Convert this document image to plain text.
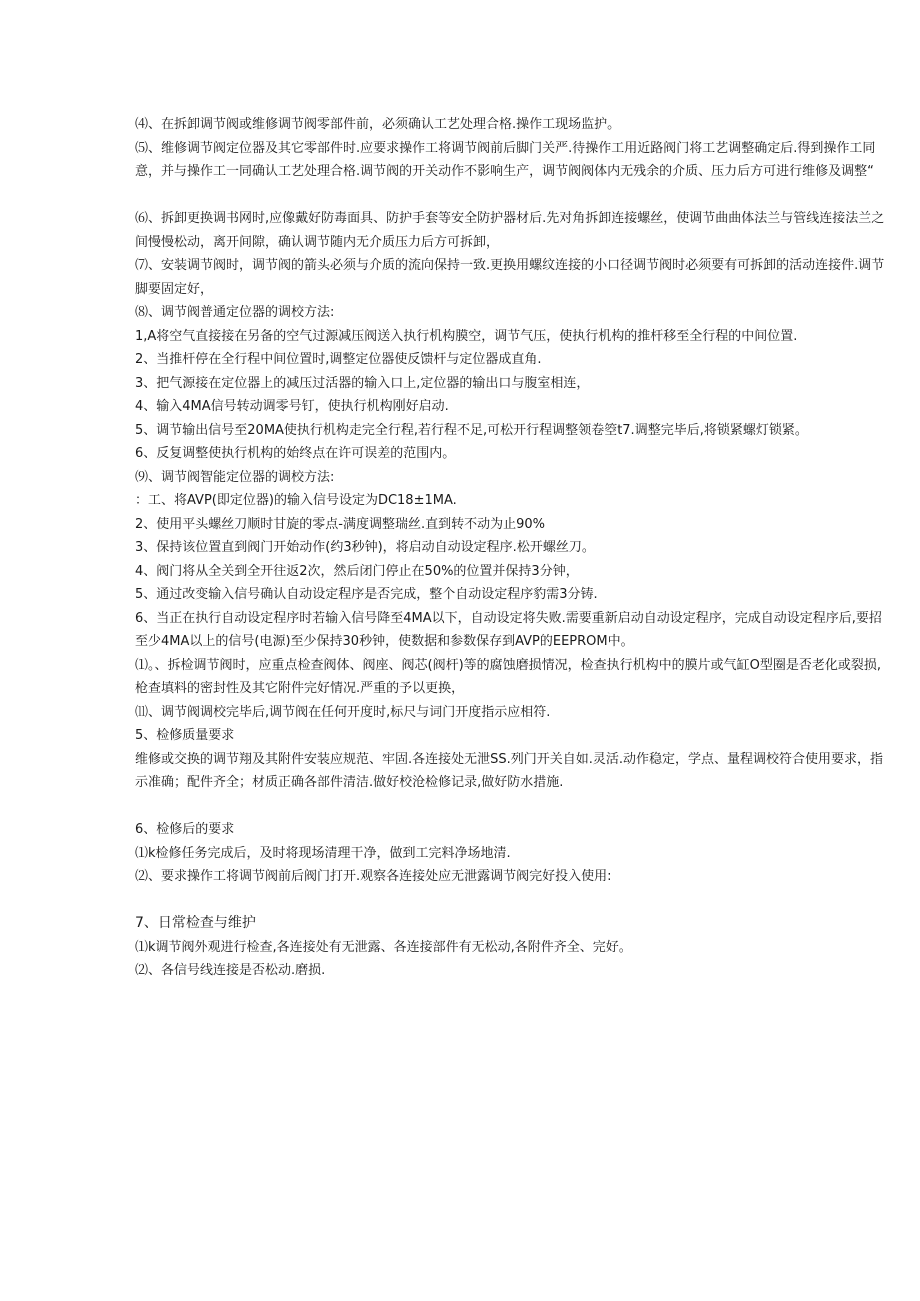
⑷、在拆卸调节阀或维修调节阀零部件前，必须确认工艺处理合格.操作工现场监护。

⑸、维修调节阀定位器及其它零部件时.应要求操作工将调节阀前后脚门关严.待操作工用近路阀门将工艺调整确定后.得到操作工同意，并与操作工一同确认工艺处理合格.调节阀的开关动作不影响生产，调节阀阀体内无残余的介质、压力后方可进行维修及调整“

⑹、拆卸更换调书网时,应像戴好防毒面具、防护手套等安全防护器材后.先对角拆卸连接螺丝，使调节曲曲体法兰与管线连接法兰之间慢慢松动，离开间隙，确认调节随内无介质压力后方可拆卸，

⑺、安装调节阀时，调节阀的箭头必须与介质的流向保持一致.更换用螺纹连接的小口径调节阀时必须要有可拆卸的活动连接件.调节脚要固定好，

⑻、调节阀普通定位器的调校方法:

1,A将空气直接接在另备的空气过源减压阀送入执行机构膜空，调节气压，使执行机构的推杆移至全行程的中间位置.

2、当推杆停在全行程中间位置时,调整定位器使反馈杆与定位器成直角.

3、把气源接在定位器上的减压过活器的输入口上,定位器的输出口与腹室相连，

4、输入4MA信号转动调零号钉，使执行机构刚好启动.

5、调节输出信号至20MA使执行机构走完全行程,若行程不足,可松开行程调整领卷箜t7.调整完毕后,将锁紧螺灯锁紧。

6、反复调整使执行机构的始终点在许可误差的范围内。

⑼、调节阀智能定位器的调校方法:

：工、将AVP(即定位器)的输入信号设定为DC18±1MA.

2、使用平头螺丝刀顺时甘旋的零点-满度调整瑞丝.直到转不动为止90%

3、保持该位置直到阀门开始动作(约3秒钟)，将启动自动设定程序.松开螺丝刀。

4、阀门将从全关到全开往返2次，然后闭门停止在50%的位置并保持3分钟，

5、通过改变输入信号确认自动设定程序是否完成，整个自动设定程序豹需3分铸.

6、当正在执行自动设定程序时若输入信号降至4MA以下，自动设定将失败.需要重新启动自动设定程序，完成自动设定程序后,要招至少4MA以上的信号(电源)至少保持30秒钟，使数据和参数保存到AVP的EEPROM中。

⑴。、拆检调节阀时，应重点检查阀体、阀座、阀芯(阀杆)等的腐蚀磨损情况，检查执行机构中的膜片或气缸O型圈是否老化或裂损,枪查填料的密封性及其它附件完好情况.严重的予以更换，

⑾、调节阀调校完毕后,调节阀在任何开度时,标尺与词门开度指示应相符.

5、检修质量要求

维修或交换的调节翔及其附件安装应规范、牢固.各连接处无泄SS.列门开关自如.灵活.动作稳定，学点、量程调校符合使用要求，指示准确；配件齐全；材质正确各部件清洁.做好校沧检修记录,做好防水措施.

6、检修后的要求

⑴k检修任务完成后，及时将现场清理干净，做到工完料净场地清.

⑵、要求操作工将调节阀前后阀门打开.观察各连接处应无泄露调节阀完好投入使用:

7、日常检查与维护

⑴k调节阀外观进行检查,各连接处有无泄露、各连接部件有无松动,各附件齐全、完好。

⑵、各信号线连接是否松动.磨损.
